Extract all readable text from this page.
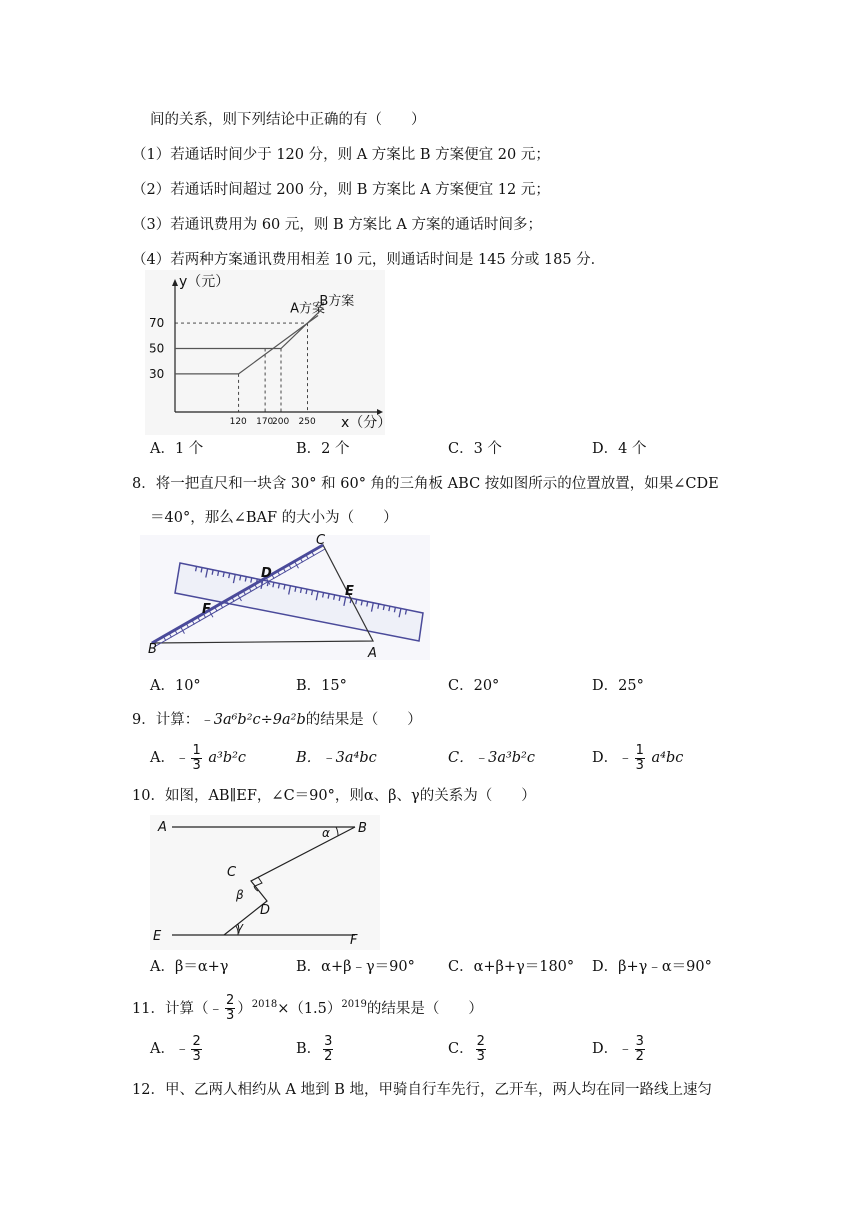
间的关系，则下列结论中正确的有（　　）
（1）若通话时间少于 120 分，则 A 方案比 B 方案便宜 20 元；
（2）若通话时间超过 200 分，则 B 方案比 A 方案便宜 12 元；
（3）若通讯费用为 60 元，则 B 方案比 A 方案的通话时间多；
（4）若两种方案通讯费用相差 10 元，则通话时间是 145 分或 185 分．
y（元）
x（分）
30
50
70
120 170
200 250
A方案
B方案
A．1 个	B．2 个	C．3 个	D．4 个
8．将一把直尺和一块含 30° 和 60° 角的三角板 ABC 按如图所示的位置放置，如果∠CDE
＝40°，那么∠BAF 的大小为（　　）
C
D
E
F
B	A
A．10°	B．15°	C．20°	D．25°
9．计算：﹣3a⁶b²c÷9a²b的结果是（　　）
A．﹣ $\frac{1}{3} a^3b^2c$	B．﹣3a⁴bc	C．﹣3a³b²c	D．﹣ $\frac{1}{3} a^4bc$
10．如图，AB∥EF，∠C＝90°，则α、β、γ的关系为（　　）
A	B
α
C
β
D
γ
E	F
A．β＝α+γ	B．α+β﹣γ＝90° C．α+β+γ＝180° D．β+γ﹣α＝90°
11．计算（﹣ $\frac{2}{3} )^{2018}\times(1.5)^{2019}$的结果是（　　）
A．﹣ $\frac{2}{3}$	B． $\frac{3}{2}$	C． $\frac{2}{3}$	D．﹣ $\frac{3}{2}$
12．甲、乙两人相约从 A 地到 B 地，甲骑自行车先行，乙开车，两人均在同一路线上速匀
